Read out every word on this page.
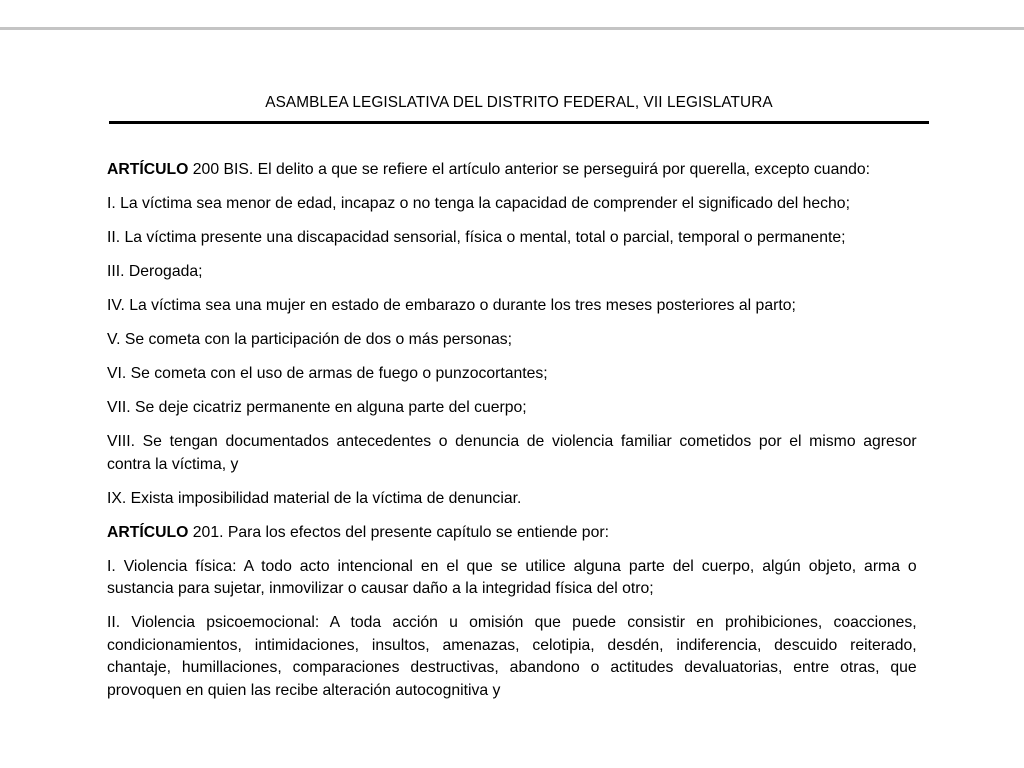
ASAMBLEA LEGISLATIVA DEL DISTRITO FEDERAL, VII LEGISLATURA

ARTÍCULO 200 BIS. El delito a que se refiere el artículo anterior se perseguirá por querella, excepto cuando:

I. La víctima sea menor de edad, incapaz o no tenga la capacidad de comprender el significado del hecho;

II. La víctima presente una discapacidad sensorial, física o mental, total o parcial, temporal o permanente;

III. Derogada;

IV. La víctima sea una mujer en estado de embarazo o durante los tres meses posteriores al parto;

V. Se cometa con la participación de dos o más personas;

VI. Se cometa con el uso de armas de fuego o punzocortantes;

VII. Se deje cicatriz permanente en alguna parte del cuerpo;

VIII. Se tengan documentados antecedentes o denuncia de violencia familiar cometidos por el mismo agresor contra la víctima, y

IX. Exista imposibilidad material de la víctima de denunciar.

ARTÍCULO 201. Para los efectos del presente capítulo se entiende por:

I. Violencia física: A todo acto intencional en el que se utilice alguna parte del cuerpo, algún objeto, arma o sustancia para sujetar, inmovilizar o causar daño a la integridad física del otro;

II. Violencia psicoemocional: A toda acción u omisión que puede consistir en prohibiciones, coacciones, condicionamientos, intimidaciones, insultos, amenazas, celotipia, desdén, indiferencia, descuido reiterado, chantaje, humillaciones, comparaciones destructivas, abandono o actitudes devaluatorias, entre otras, que provoquen en quien las recibe alteración autocognitiva y
